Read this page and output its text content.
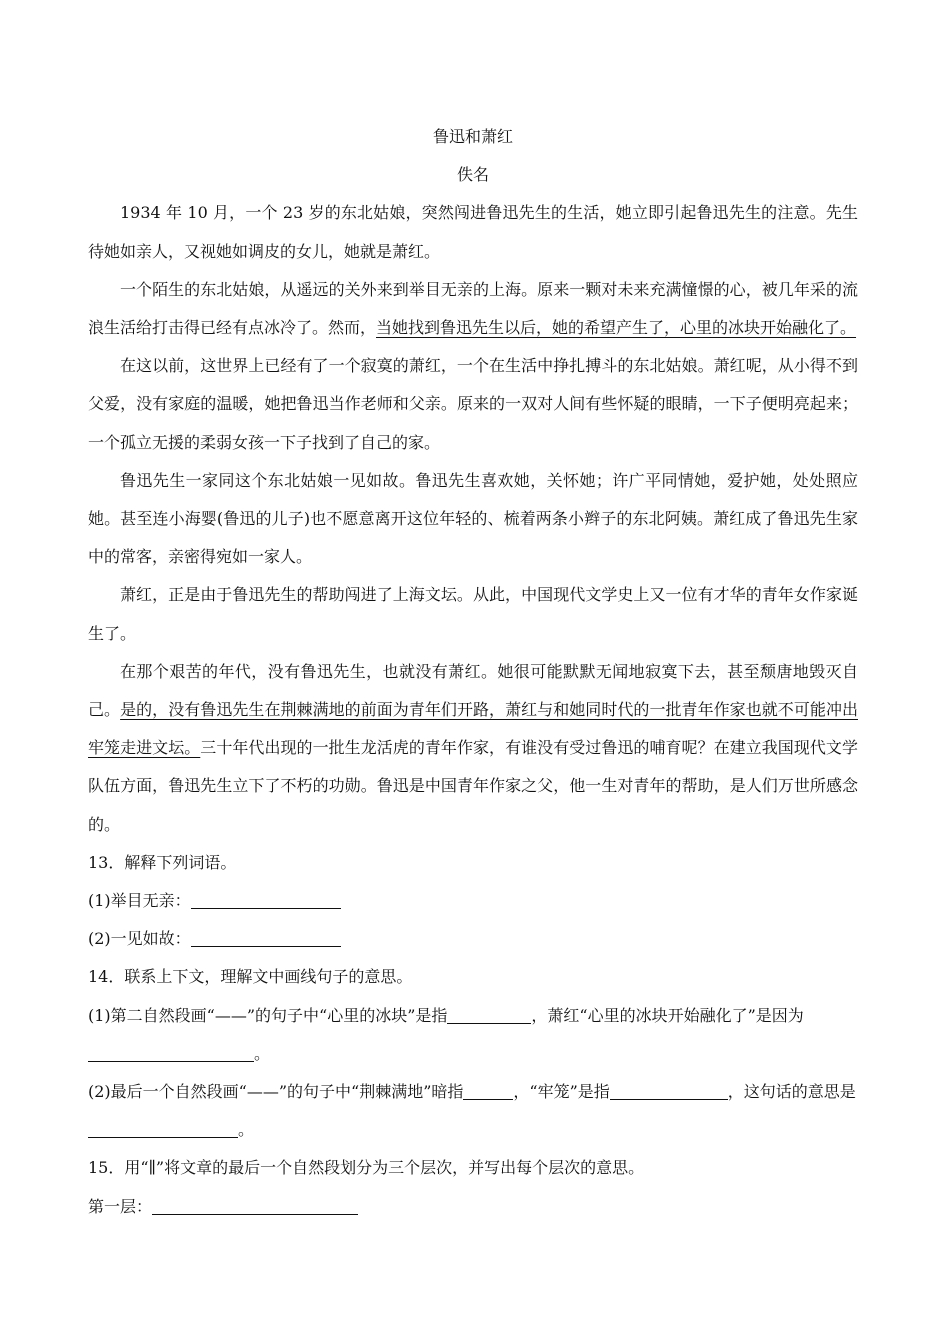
鲁迅和萧红

佚名

1934 年 10 月，一个 23 岁的东北姑娘，突然闯进鲁迅先生的生活，她立即引起鲁迅先生的注意。先生待她如亲人，又视她如调皮的女儿，她就是萧红。

一个陌生的东北姑娘，从遥远的关外来到举目无亲的上海。原来一颗对未来充满憧憬的心，被几年采的流浪生活给打击得已经有点冰冷了。然而，当她找到鲁迅先生以后，她的希望产生了，心里的冰块开始融化了。

在这以前，这世界上已经有了一个寂寞的萧红，一个在生活中挣扎搏斗的东北姑娘。萧红呢，从小得不到父爱，没有家庭的温暖，她把鲁迅当作老师和父亲。原来的一双对人间有些怀疑的眼睛，一下子便明亮起来；一个孤立无援的柔弱女孩一下子找到了自己的家。

鲁迅先生一家同这个东北姑娘一见如故。鲁迅先生喜欢她，关怀她；许广平同情她，爱护她，处处照应她。甚至连小海婴(鲁迅的儿子)也不愿意离开这位年轻的、梳着两条小辫子的东北阿姨。萧红成了鲁迅先生家中的常客，亲密得宛如一家人。

萧红，正是由于鲁迅先生的帮助闯进了上海文坛。从此，中国现代文学史上又一位有才华的青年女作家诞生了。

在那个艰苦的年代，没有鲁迅先生，也就没有萧红。她很可能默默无闻地寂寞下去，甚至颓唐地毁灭自己。是的，没有鲁迅先生在荆棘满地的前面为青年们开路，萧红与和她同时代的一批青年作家也就不可能冲出牢笼走进文坛。三十年代出现的一批生龙活虎的青年作家，有谁没有受过鲁迅的哺育呢？在建立我国现代文学队伍方面，鲁迅先生立下了不朽的功勋。鲁迅是中国青年作家之父，他一生对青年的帮助，是人们万世所感念的。

13．解释下列词语。

(1)举目无亲：

(2)一见如故：

14．联系上下文，理解文中画线句子的意思。

(1)第二自然段画“——”的句子中“心里的冰块”是指	，萧红“心里的冰块开始融化了”是因为。

(2)最后一个自然段画“——”的句子中“荆棘满地”暗指	，“牢笼”是指	，这句话的意思是。

15．用“∥”将文章的最后一个自然段划分为三个层次，并写出每个层次的意思。

第一层：
